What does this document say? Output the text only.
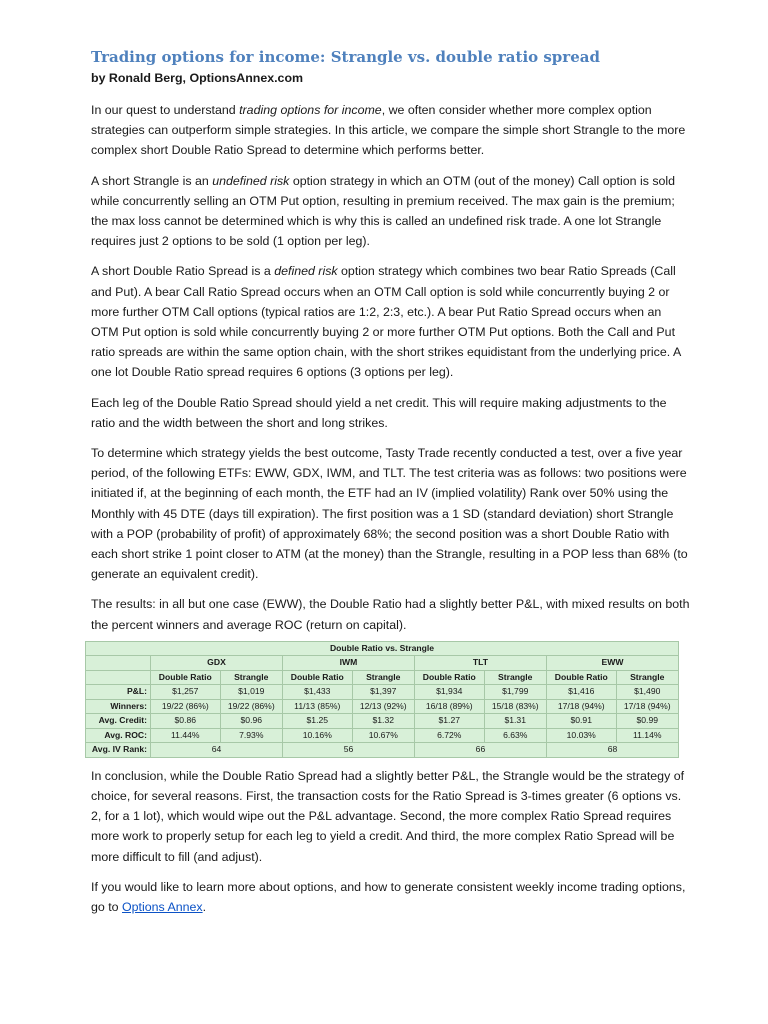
Trading options for income: Strangle vs. double ratio spread
by Ronald Berg, OptionsAnnex.com

In our quest to understand trading options for income, we often consider whether more complex option strategies can outperform simple strategies. In this article, we compare the simple short Strangle to the more complex short Double Ratio Spread to determine which performs better.

A short Strangle is an undefined risk option strategy in which an OTM (out of the money) Call option is sold while concurrently selling an OTM Put option, resulting in premium received. The max gain is the premium; the max loss cannot be determined which is why this is called an undefined risk trade. A one lot Strangle requires just 2 options to be sold (1 option per leg).

A short Double Ratio Spread is a defined risk option strategy which combines two bear Ratio Spreads (Call and Put). A bear Call Ratio Spread occurs when an OTM Call option is sold while concurrently buying 2 or more further OTM Call options (typical ratios are 1:2, 2:3, etc.). A bear Put Ratio Spread occurs when an OTM Put option is sold while concurrently buying 2 or more further OTM Put options. Both the Call and Put ratio spreads are within the same option chain, with the short strikes equidistant from the underlying price. A one lot Double Ratio spread requires 6 options (3 options per leg).

Each leg of the Double Ratio Spread should yield a net credit. This will require making adjustments to the ratio and the width between the short and long strikes.

To determine which strategy yields the best outcome, Tasty Trade recently conducted a test, over a five year period, of the following ETFs: EWW, GDX, IWM, and TLT. The test criteria was as follows: two positions were initiated if, at the beginning of each month, the ETF had an IV (implied volatility) Rank over 50% using the Monthly with 45 DTE (days till expiration). The first position was a 1 SD (standard deviation) short Strangle with a POP (probability of profit) of approximately 68%; the second position was a short Double Ratio with each short strike 1 point closer to ATM (at the money) than the Strangle, resulting in a POP less than 68% (to generate an equivalent credit).

The results: in all but one case (EWW), the Double Ratio had a slightly better P&L, with mixed results on both the percent winners and average ROC (return on capital).

Double Ratio vs. Strangle								
	GDX		IWM		TLT		EWW	
	Double Ratio	Strangle	Double Ratio	Strangle	Double Ratio	Strangle	Double Ratio	Strangle
P&L:	$1,257	$1,019	$1,433	$1,397	$1,934	$1,799	$1,416	$1,490
Winners:	19/22 (86%)	19/22 (86%)	11/13 (85%)	12/13 (92%)	16/18 (89%)	15/18 (83%)	17/18 (94%)	17/18 (94%)
Avg. Credit:	$0.86	$0.96	$1.25	$1.32	$1.27	$1.31	$0.91	$0.99
Avg. ROC:	11.44%	7.93%	10.16%	10.67%	6.72%	6.63%	10.03%	11.14%
Avg. IV Rank:	64		56		66		68	

In conclusion, while the Double Ratio Spread had a slightly better P&L, the Strangle would be the strategy of choice, for several reasons. First, the transaction costs for the Ratio Spread is 3-times greater (6 options vs. 2, for a 1 lot), which would wipe out the P&L advantage. Second, the more complex Ratio Spread requires more work to properly setup for each leg to yield a credit. And third, the more complex Ratio Spread will be more difficult to fill (and adjust).

If you would like to learn more about options, and how to generate consistent weekly income trading options, go to Options Annex.
